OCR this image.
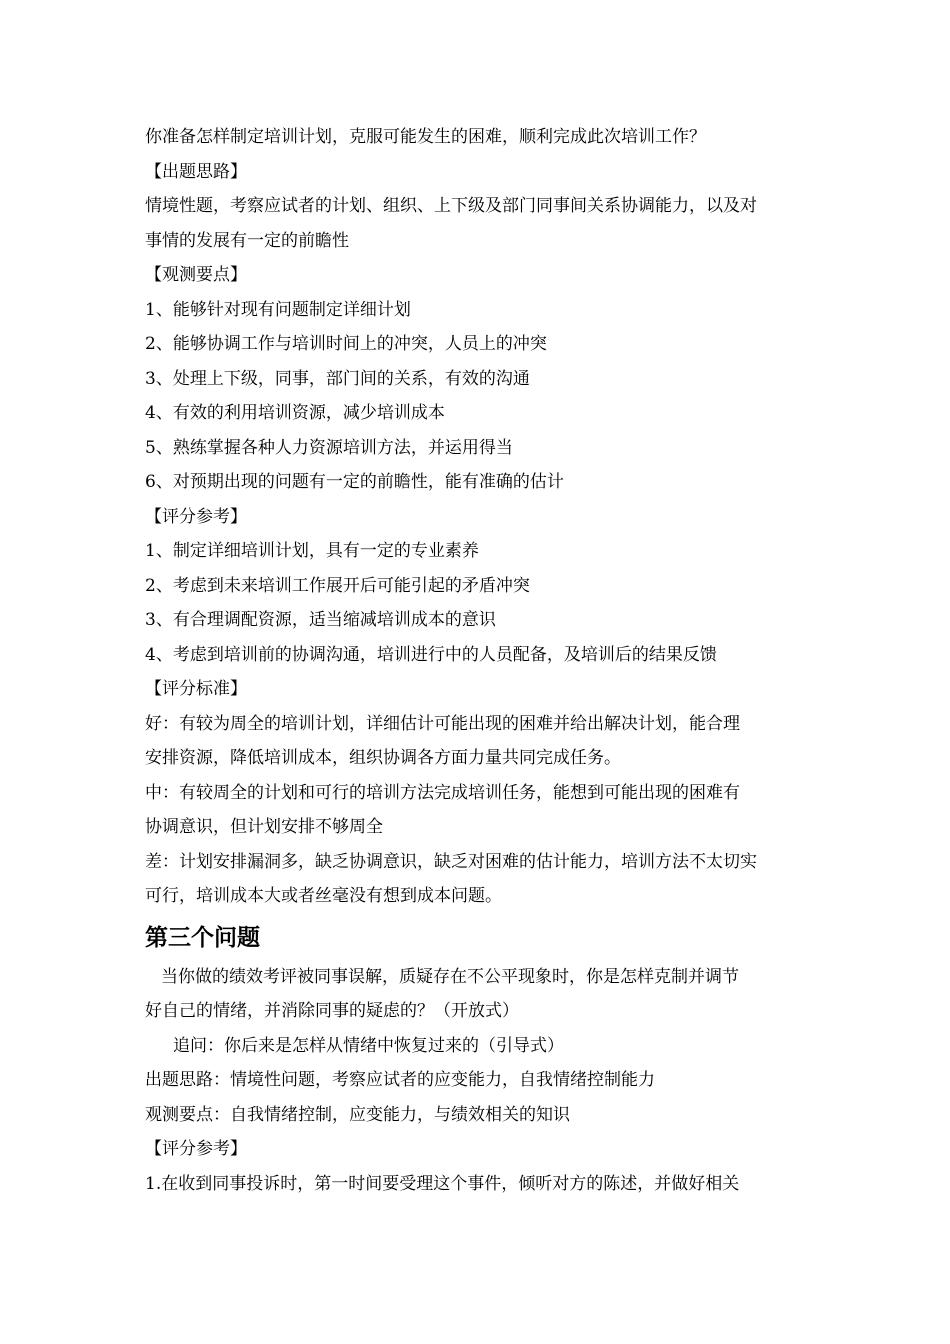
你准备怎样制定培训计划，克服可能发生的困难，顺利完成此次培训工作？
【出题思路】
情境性题，考察应试者的计划、组织、上下级及部门同事间关系协调能力，以及对
事情的发展有一定的前瞻性
【观测要点】
1、能够针对现有问题制定详细计划
2、能够协调工作与培训时间上的冲突，人员上的冲突
3、处理上下级，同事，部门间的关系，有效的沟通
4、有效的利用培训资源，减少培训成本
5、熟练掌握各种人力资源培训方法，并运用得当
6、对预期出现的问题有一定的前瞻性，能有准确的估计
【评分参考】
1、制定详细培训计划，具有一定的专业素养
2、考虑到未来培训工作展开后可能引起的矛盾冲突
3、有合理调配资源，适当缩减培训成本的意识
4、考虑到培训前的协调沟通，培训进行中的人员配备，及培训后的结果反馈
【评分标准】
好：有较为周全的培训计划，详细估计可能出现的困难并给出解决计划，能合理
安排资源，降低培训成本，组织协调各方面力量共同完成任务。
中：有较周全的计划和可行的培训方法完成培训任务，能想到可能出现的困难有
协调意识，但计划安排不够周全
差：计划安排漏洞多，缺乏协调意识，缺乏对困难的估计能力，培训方法不太切实
可行，培训成本大或者丝毫没有想到成本问题。
第三个问题
当你做的绩效考评被同事误解，质疑存在不公平现象时，你是怎样克制并调节
好自己的情绪，并消除同事的疑虑的？（开放式）
追问：你后来是怎样从情绪中恢复过来的（引导式）
出题思路：情境性问题，考察应试者的应变能力，自我情绪控制能力
观测要点：自我情绪控制，应变能力，与绩效相关的知识
【评分参考】
1.在收到同事投诉时，第一时间要受理这个事件，倾听对方的陈述，并做好相关
